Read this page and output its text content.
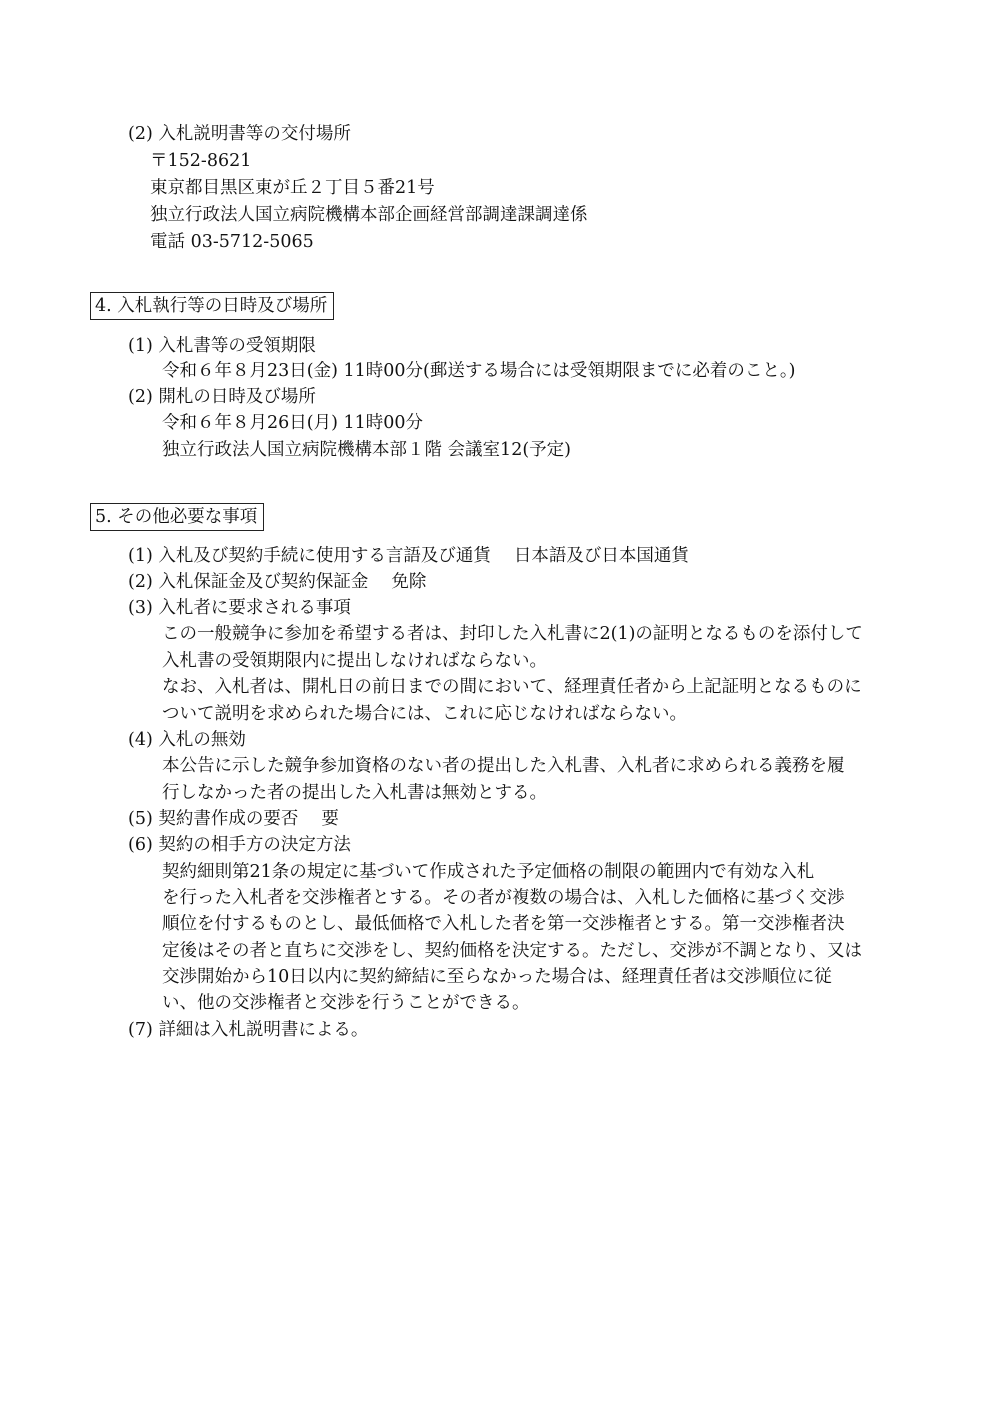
(2) 入札説明書等の交付場所
〒152-8621
東京都目黒区東が丘２丁目５番21号
独立行政法人国立病院機構本部企画経営部調達課調達係
電話 03-5712-5065
4. 入札執行等の日時及び場所
(1) 入札書等の受領期限
令和６年８月23日(金) 11時00分(郵送する場合には受領期限までに必着のこと。)
(2) 開札の日時及び場所
令和６年８月26日(月) 11時00分
独立行政法人国立病院機構本部１階 会議室12(予定)
5. その他必要な事項
(1) 入札及び契約手続に使用する言語及び通貨　 日本語及び日本国通貨
(2) 入札保証金及び契約保証金　 免除
(3) 入札者に要求される事項
この一般競争に参加を希望する者は、封印した入札書に2(1)の証明となるものを添付して
入札書の受領期限内に提出しなければならない。
なお、入札者は、開札日の前日までの間において、経理責任者から上記証明となるものに
ついて説明を求められた場合には、これに応じなければならない。
(4) 入札の無効
本公告に示した競争参加資格のない者の提出した入札書、入札者に求められる義務を履
行しなかった者の提出した入札書は無効とする。
(5) 契約書作成の要否　 要
(6) 契約の相手方の決定方法
契約細則第21条の規定に基づいて作成された予定価格の制限の範囲内で有効な入札
を行った入札者を交渉権者とする。その者が複数の場合は、入札した価格に基づく交渉
順位を付するものとし、最低価格で入札した者を第一交渉権者とする。第一交渉権者決
定後はその者と直ちに交渉をし、契約価格を決定する。ただし、交渉が不調となり、又は
交渉開始から10日以内に契約締結に至らなかった場合は、経理責任者は交渉順位に従
い、他の交渉権者と交渉を行うことができる。
(7) 詳細は入札説明書による。
